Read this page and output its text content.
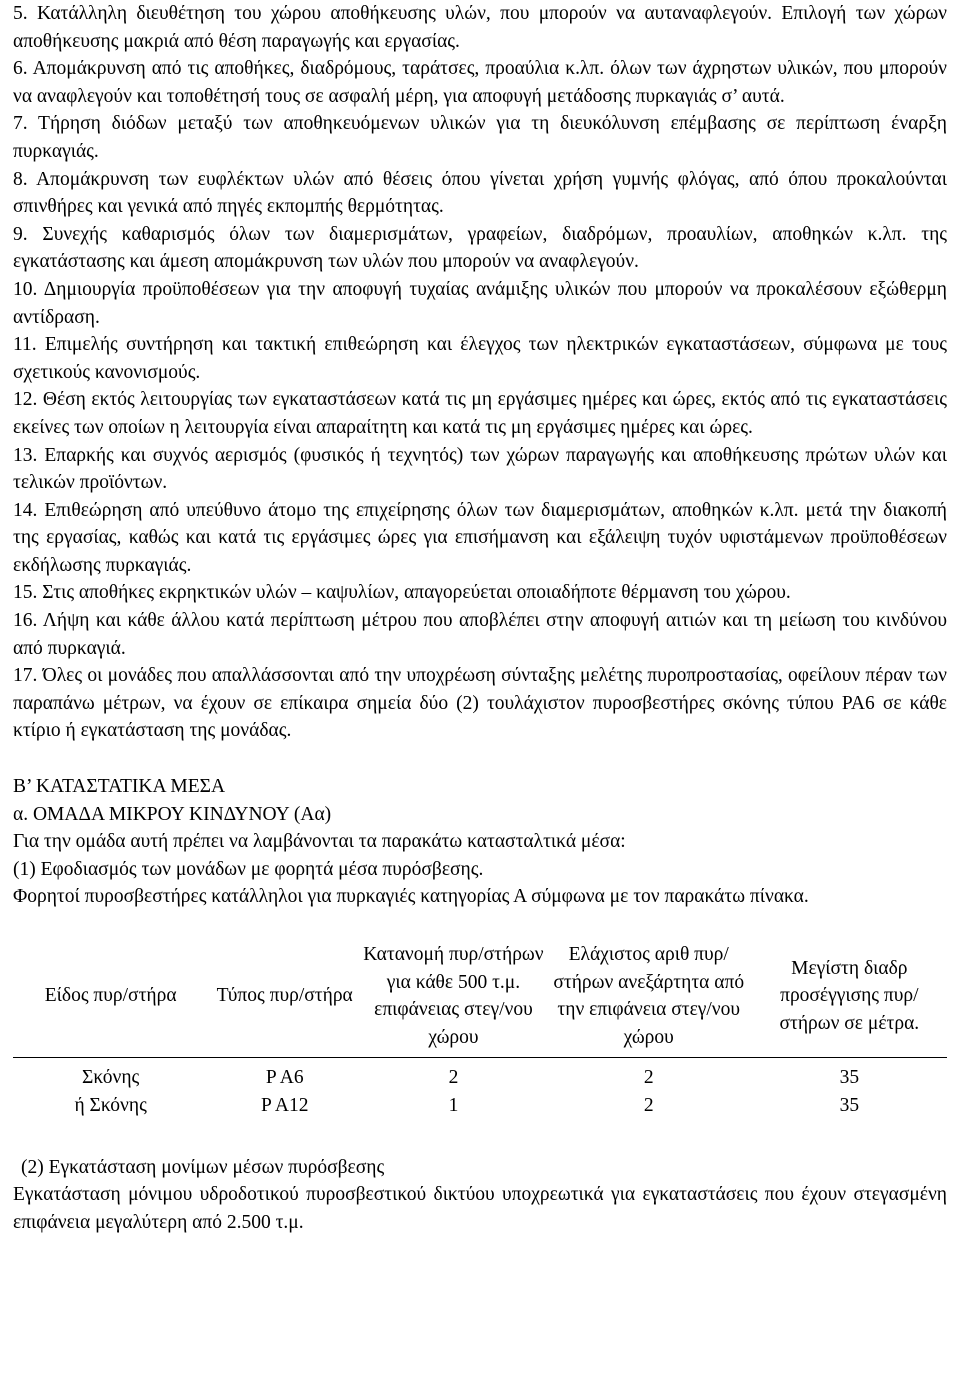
5. Κατάλληλη διευθέτηση του χώρου αποθήκευσης υλών, που μπορούν να αυταναφλεγούν. Επιλογή των χώρων αποθήκευσης μακριά από θέση παραγωγής και εργασίας.

6. Απομάκρυνση από τις αποθήκες, διαδρόμους, ταράτσες, προαύλια κ.λπ. όλων των άχρηστων υλικών, που μπορούν να αναφλεγούν και τοποθέτησή τους σε ασφαλή μέρη, για αποφυγή μετάδοσης πυρκαγιάς σ’ αυτά.

7. Τήρηση διόδων μεταξύ των αποθηκευόμενων υλικών για τη διευκόλυνση επέμβασης σε περίπτωση έναρξη πυρκαγιάς.

8. Απομάκρυνση των ευφλέκτων υλών από θέσεις όπου γίνεται χρήση γυμνής φλόγας, από όπου προκαλούνται σπινθήρες και γενικά από πηγές εκπομπής θερμότητας.

9. Συνεχής καθαρισμός όλων των διαμερισμάτων, γραφείων, διαδρόμων, προαυλίων, αποθηκών κ.λπ. της εγκατάστασης και άμεση απομάκρυνση των υλών που μπορούν να αναφλεγούν.

10. Δημιουργία προϋποθέσεων για την αποφυγή τυχαίας ανάμιξης υλικών που μπορούν να προκαλέσουν εξώθερμη αντίδραση.

11. Επιμελής συντήρηση και τακτική επιθεώρηση και έλεγχος των ηλεκτρικών εγκαταστάσεων, σύμφωνα με τους σχετικούς κανονισμούς.

12. Θέση εκτός λειτουργίας των εγκαταστάσεων κατά τις μη εργάσιμες ημέρες και ώρες, εκτός από τις εγκαταστάσεις εκείνες των οποίων η λειτουργία είναι απαραίτητη και κατά τις μη εργάσιμες ημέρες και ώρες.

13. Επαρκής και συχνός αερισμός (φυσικός ή τεχνητός) των χώρων παραγωγής και αποθήκευσης πρώτων υλών και τελικών προϊόντων.

14. Επιθεώρηση από υπεύθυνο άτομο της επιχείρησης όλων των διαμερισμάτων, αποθηκών κ.λπ. μετά την διακοπή της εργασίας, καθώς και κατά τις εργάσιμες ώρες για επισήμανση και εξάλειψη τυχόν υφιστάμενων προϋποθέσεων εκδήλωσης πυρκαγιάς.

15. Στις αποθήκες εκρηκτικών υλών – καψυλίων, απαγορεύεται οποιαδήποτε θέρμανση του χώρου.

16. Λήψη και κάθε άλλου κατά περίπτωση μέτρου που αποβλέπει στην αποφυγή αιτιών και τη μείωση του κινδύνου από πυρκαγιά.

17. Όλες οι μονάδες που απαλλάσσονται από την υποχρέωση σύνταξης μελέτης πυροπροστασίας, οφείλουν πέραν των παραπάνω μέτρων, να έχουν σε επίκαιρα σημεία δύο (2) τουλάχιστον πυροσβεστήρες σκόνης τύπου PA6 σε κάθε κτίριο ή εγκατάσταση της μονάδας.

Β’ ΚΑΤΑΣΤΑΤΙΚΑ ΜΕΣΑ

α. ΟΜΑΔΑ ΜΙΚΡΟΥ ΚΙΝΔΥΝΟΥ (Αα)

Για την ομάδα αυτή πρέπει να λαμβάνονται τα παρακάτω κατασταλτικά μέσα:

(1) Εφοδιασμός των μονάδων με φορητά μέσα πυρόσβεσης.

Φορητοί πυροσβεστήρες κατάλληλοι για πυρκαγιές κατηγορίας Α σύμφωνα με τον παρακάτω πίνακα.

Είδος πυρ/στήρα	Τύπος πυρ/στήρα	Κατανομή πυρ/στήρων για κάθε 500 τ.μ. επιφάνειας στεγ/νου χώρου	Ελάχιστος αριθ πυρ/στήρων ανεξάρτητα από την επιφάνεια στεγ/νου χώρου	Μεγίστη διαδρ προσέγγισης πυρ/στήρων σε μέτρα.
Σκόνης	P A6	2	2	35
ή Σκόνης	P A12	1	2	35

(2) Εγκατάσταση μονίμων μέσων πυρόσβεσης

Εγκατάσταση μόνιμου υδροδοτικού πυροσβεστικού δικτύου υποχρεωτικά για εγκαταστάσεις που έχουν στεγασμένη επιφάνεια μεγαλύτερη από 2.500 τ.μ.
